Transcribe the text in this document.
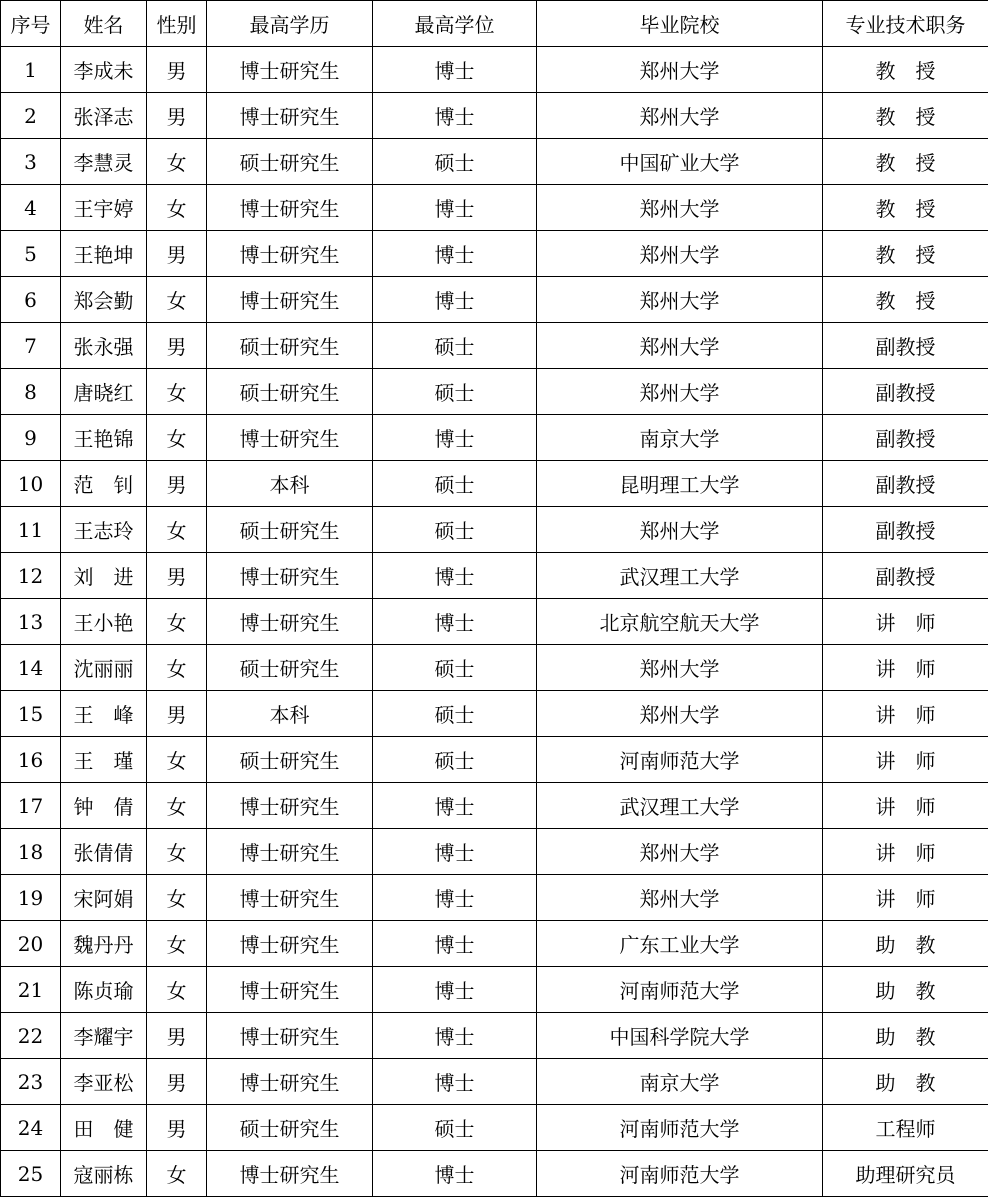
序号	姓名	性别	最高学历	最高学位	毕业院校	专业技术职务
1	李成未	男	博士研究生	博士	郑州大学	教　授
2	张泽志	男	博士研究生	博士	郑州大学	教　授
3	李慧灵	女	硕士研究生	硕士	中国矿业大学	教　授
4	王宇婷	女	博士研究生	博士	郑州大学	教　授
5	王艳坤	男	博士研究生	博士	郑州大学	教　授
6	郑会勤	女	博士研究生	博士	郑州大学	教　授
7	张永强	男	硕士研究生	硕士	郑州大学	副教授
8	唐晓红	女	硕士研究生	硕士	郑州大学	副教授
9	王艳锦	女	博士研究生	博士	南京大学	副教授
10	范　钊	男	本科	硕士	昆明理工大学	副教授
11	王志玲	女	硕士研究生	硕士	郑州大学	副教授
12	刘　进	男	博士研究生	博士	武汉理工大学	副教授
13	王小艳	女	博士研究生	博士	北京航空航天大学	讲　师
14	沈丽丽	女	硕士研究生	硕士	郑州大学	讲　师
15	王　峰	男	本科	硕士	郑州大学	讲　师
16	王　瑾	女	硕士研究生	硕士	河南师范大学	讲　师
17	钟　倩	女	博士研究生	博士	武汉理工大学	讲　师
18	张倩倩	女	博士研究生	博士	郑州大学	讲　师
19	宋阿娟	女	博士研究生	博士	郑州大学	讲　师
20	魏丹丹	女	博士研究生	博士	广东工业大学	助　教
21	陈贞瑜	女	博士研究生	博士	河南师范大学	助　教
22	李耀宇	男	博士研究生	博士	中国科学院大学	助　教
23	李亚松	男	博士研究生	博士	南京大学	助　教
24	田　健	男	硕士研究生	硕士	河南师范大学	工程师
25	寇丽栋	女	博士研究生	博士	河南师范大学	助理研究员
